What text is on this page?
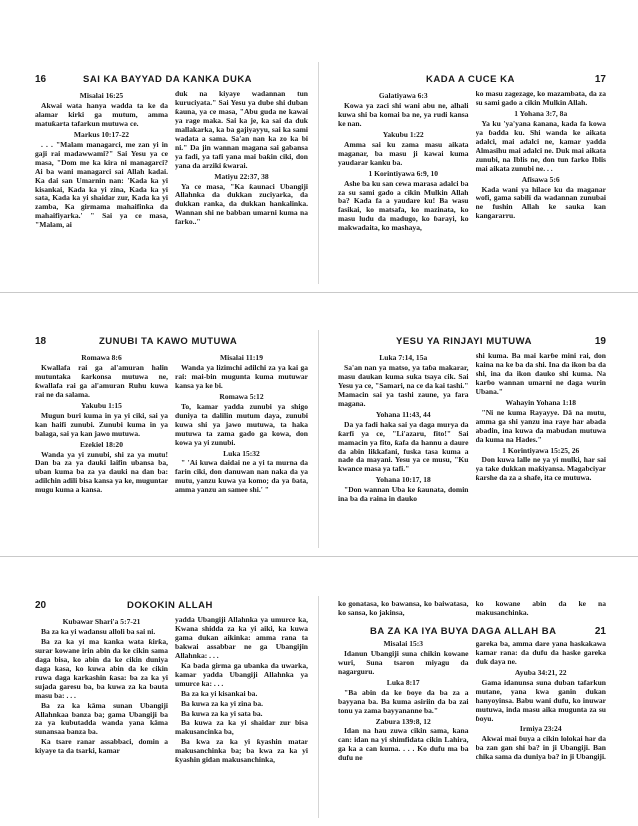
16	SAI KA BAYYAD DA KANKA DUKA

Misalai 16:25

Akwai wata hanya wadda ta ke da alamar kirki ga mutum, amma matuƙarta tafarkun mutuwa ce.

Markus 10:17-22

. . . "Malam managarci, me zan yi in gaji rai madawwami?" Sai Yesu ya ce masa, "Dom me ka kira ni managarci? Ai ba wani managarci sai Allah kadai. Ka dai san Umarnin nan: 'Kada ka yi kisankai, Kada ka yi zina, Kada ka yi sata, Kada ka yi shaidar zur, Kada ka yi zamba, Ka girmama mahaifinka da mahaifiyarka.' " Sai ya ce masa, "Malam, ai

duk na kiyaye wadannan tun kuruciyata." Sai Yesu ya dube shi duban ƙauna, ya ce masa, "Abu guda ne kawai ya rage maka. Sai ka je, ka sai da duk mallakarka, ka ba gajiyayyu, sai ka sami wadata a sama. Sa'an nan ka zo ka bi ni." Da jin wannan magana sai gabansa ya fadi, ya tafi yana mai baƙin ciki, don yana da arziki ƙwarai.

Matiyu 22:37, 38

Ya ce masa, "Ka ƙaunaci Ubangiji Allahnka da dukkan zuciyarka, da dukkan ranka, da dukkan hankalinka. Wannan shi ne babban umarni kuma na farko.."

KADA A CUCE KA	17

Galatiyawa 6:3

Kowa ya zaci shi wani abu ne, alhali kuwa shi ba komai ba ne, ya rudi kansa ke nan.

Yakubu 1:22

Amma sai ku zama masu aikata maganar, ba masu ji kawai kuma yaudarar kanku ba.

1 Korintiyawa 6:9, 10

Ashe ba ku san cewa marasa adalci ba za su sami gado a cikin Mulkin Allah ba? Kada fa a yaudare ku! Ba wasu fasikai, ko matsafa, ko mazinata, ko masu ludu da madugo, ko ɓarayi, ko makwadaita, ko mashaya,

ko masu zagezage, ko mazambata, da za su sami gado a cikin Mulkin Allah.

1 Yohana 3:7, 8a

Ya ku 'ya'yana ƙanana, kada fa kowa ya ɓadda ku. Shi wanda ke aikata adalci, mai adalci ne, kamar yadda Almasihu mai adalci ne. Duk mai aikata zunubi, na Iblis ne, don tun farko Iblis mai aikata zunubi ne. . .

Afisawa 5:6

Kada wani ya hilace ku da maganar wofi, gama sabili da wadannan zunubai ne fushin Allah ke sauka kan kangararru.

18	ZUNUBI TA KAWO MUTUWA

Romawa 8:6

Kwallafa rai ga al'amuran halin mutuntaka ƙarkonsa mutuwa ne, ƙwallafa rai ga al'amuran Ruhu kuwa rai ne da salama.

Yakubu 1:15

Mugun buri kuma in ya yi ciki, sai ya kan haifi zunubi. Zunubi kuma in ya balaga, sai ya kan jawo mutuwa.

Ezekiel 18:20

Wanda ya yi zunubi, shi za ya mutu! Dan ba za ya dauki laifin ubansa ba, uban kuma ba za ya dauki na dan ba: adilchin adili bisa kansa ya ke, muguntar mugu kuma a kansa.

Misalai 11:19

Wanda ya lizimchi adilchi za ya kai ga rai: mai-bin mugunta kuma mutuwar kansa ya ke bi.

Romawa 5:12

To, kamar yadda zunubi ya shigo duniya ta dalilin mutum daya, zunubi kuwa shi ya jawo mutuwa, ta haka mutuwa ta zama gado ga kowa, don kowa ya yi zunubi.

Luka 15:32

" 'Ai kuwa daidai ne a yi ta murna da farin ciki, don danuwan nan naka da ya mutu, yanzu kuwa ya komo; da ya ɓata, amma yanzu an samee shi.' "

YESU YA RINJAYI MUTUWA	19

Luka 7:14, 15a

Sa'an nan ya matso, ya taɓa makarar, masu daukan kuma suka tsaya cik. Sai Yesu ya ce, "Samari, na ce da kai tashi." Mamacin sai ya tashi zaune, ya fara magana.

Yohana 11:43, 44

Da ya fadi haka sai ya daga murya da ƙarfi ya ce, "Li'azaru, fito!" Sai mamacin ya fito, ƙafa da hannu a daure da abin likkafani, fuska tasa kuma a nade da mayani. Yesu ya ce musu, "Ku kwance masa ya tafi."

Yohana 10:17, 18

"Don wannan Uba ke ƙaunata, domin ina ba da raina in dauko

shi kuma. Ba mai karɓe mini rai, don kaina na ke ba da shi. Ina da ikon ba da shi, ina da ikon dauko shi kuma. Na karɓo wannan umarni ne daga wurin Ubana."

Wahayin Yohana 1:18

"Ni ne kuma Rayayye. Dā na mutu, amma ga shi yanzu ina raye har abada abadin, ina kuwa da mabudan mutuwa da kuma na Hades."

1 Korintiyawa 15:25, 26

Don kuwa lalle ne ya yi mulki, har sai ya take dukkan maƙiyansa. Magabciyar ƙarshe da za a shafe, ita ce mutuwa.

20	DOKOKIN ALLAH

Kubawar Shari'a 5:7-21

Ba za ka yi wadansu alloli ba sai ni.

Ba za ka yi ma kanka wata ƙirƙa, surar kowane irin abin da ke cikin sama daga bisa, ko abin da ke cikin duniya daga kasa, ko kuwa abin da ke cikin ruwa daga karkashin ƙasa: ba za ka yi sujada garesu ba, ba kuwa za ka bauta masu ba: . . .

Ba za ka kāma sunan Ubangiji Allahnkaa banza ba; gama Ubangiji ba za ya kubutadda wanda yana kāma sunansaa banza ba.

Ka tsare ranar assabbaci, domin a kiyaye ta da tsarki, kamar

yadda Ubangiji Allahnka ya umurce ka, Kwana shidda za ka yi aiki, ka kuwa gama dukan aikinka: amma rana ta bakwai assabbar ne ga Ubangijin Allahnka: . . .

Ka bada girma ga ubanka da uwarka, kamar yadda Ubangiji Allahnka ya umurce ka: . . .

Ba za ka yi kisankai ba.

Ba kuwa za ka yi zina ba.

Ba kuwa za ka yi sata ba.

Ba kuwa za ka yi shaidar zur bisa makusancinka ba,

Ba kwa za ka yi ƙyashin matar makusanchinka ba; ba kwa za ka yi ƙyashin gidan makusanchinka,

BA ZA KA IYA BUYA DAGA ALLAH BA	21

ko gonatasa, ko bawansa, ko baiwatasa, ko sansa, ko jakinsa,

Misalai 15:3

Idanun Ubangiji suna chikin kowane wuri, Suna tsaron miyagu da nagarguru.

Luka 8:17

"Ba abin da ke ɓoye da ba za a bayyana ba. Ba kuma asiriin da ba zai tonu ya zama bayyananne ba."

Zabura 139:8, 12

Idan na hau zuwa cikin sama, kana can: idan na yi shimfidata cikin Lahira, ga ka a can kuma. . . . Ko dufu ma ba dufu ne

ko kowane abin da ke na makusanchinka.

gareka ba, amma dare yana haskakawa kamar rana: da dufu da haske gareka duk daya ne.

Ayuba 34:21, 22

Gama idanunsa suna duban tafarkun mutane, yana kwa ganin dukan hanyoyinsa. Babu wani dufu, ko inuwar mutuwa, inda masu aika mugunta za su ɓoyu.

Irmiya 23:24

Akwai mai ɓuya a cikin lolokai har da ba zan gan shi ba? in ji Ubangiji. Ban chika sama da duniya ba? in ji Ubangiji.
